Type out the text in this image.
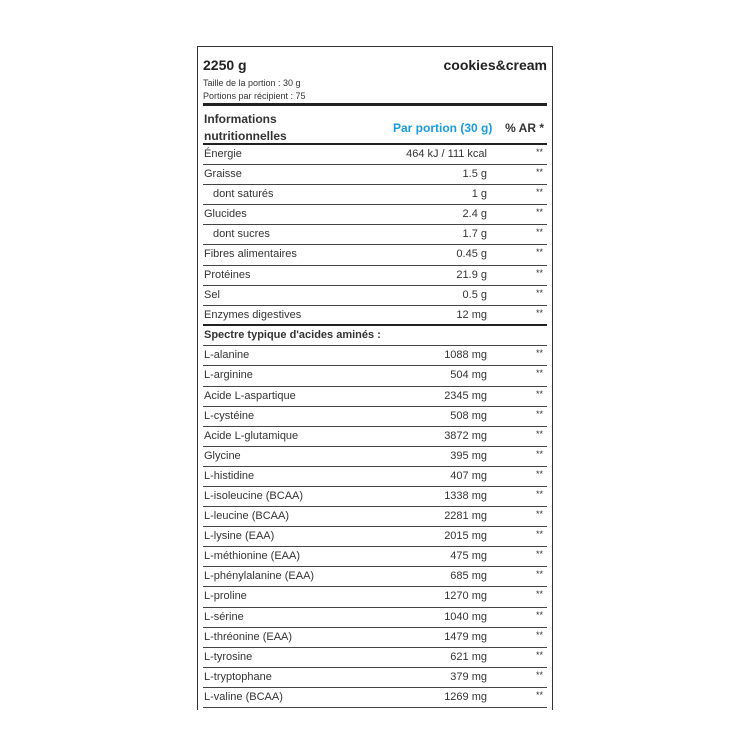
2250 g	cookies&cream
Taille de la portion : 30 g
Portions par récipient : 75
Informations
nutritionnelles
Par portion (30 g) % AR *
Énergie	464 kJ / 111 kcal	**
Graisse	1.5 g	**
dont saturés	1 g	**
Glucides	2.4 g	**
dont sucres	1.7 g	**
Fibres alimentaires	0.45 g	**
Protéines	21.9 g	**
Sel	0.5 g	**
Enzymes digestives	12 mg	**
Spectre typique d'acides aminés :
L-alanine	1088 mg	**
L-arginine	504 mg	**
Acide L-aspartique	2345 mg	**
L-cystéine	508 mg	**
Acide L-glutamique	3872 mg	**
Glycine	395 mg	**
L-histidine	407 mg	**
L-isoleucine (BCAA)	1338 mg	**
L-leucine (BCAA)	2281 mg	**
L-lysine (EAA)	2015 mg	**
L-méthionine (EAA)	475 mg	**
L-phénylalanine (EAA)	685 mg	**
L-proline	1270 mg	**
L-sérine	1040 mg	**
L-thréonine (EAA)	1479 mg	**
L-tyrosine	621 mg	**
L-tryptophane	379 mg	**
L-valine (BCAA)	1269 mg	**
